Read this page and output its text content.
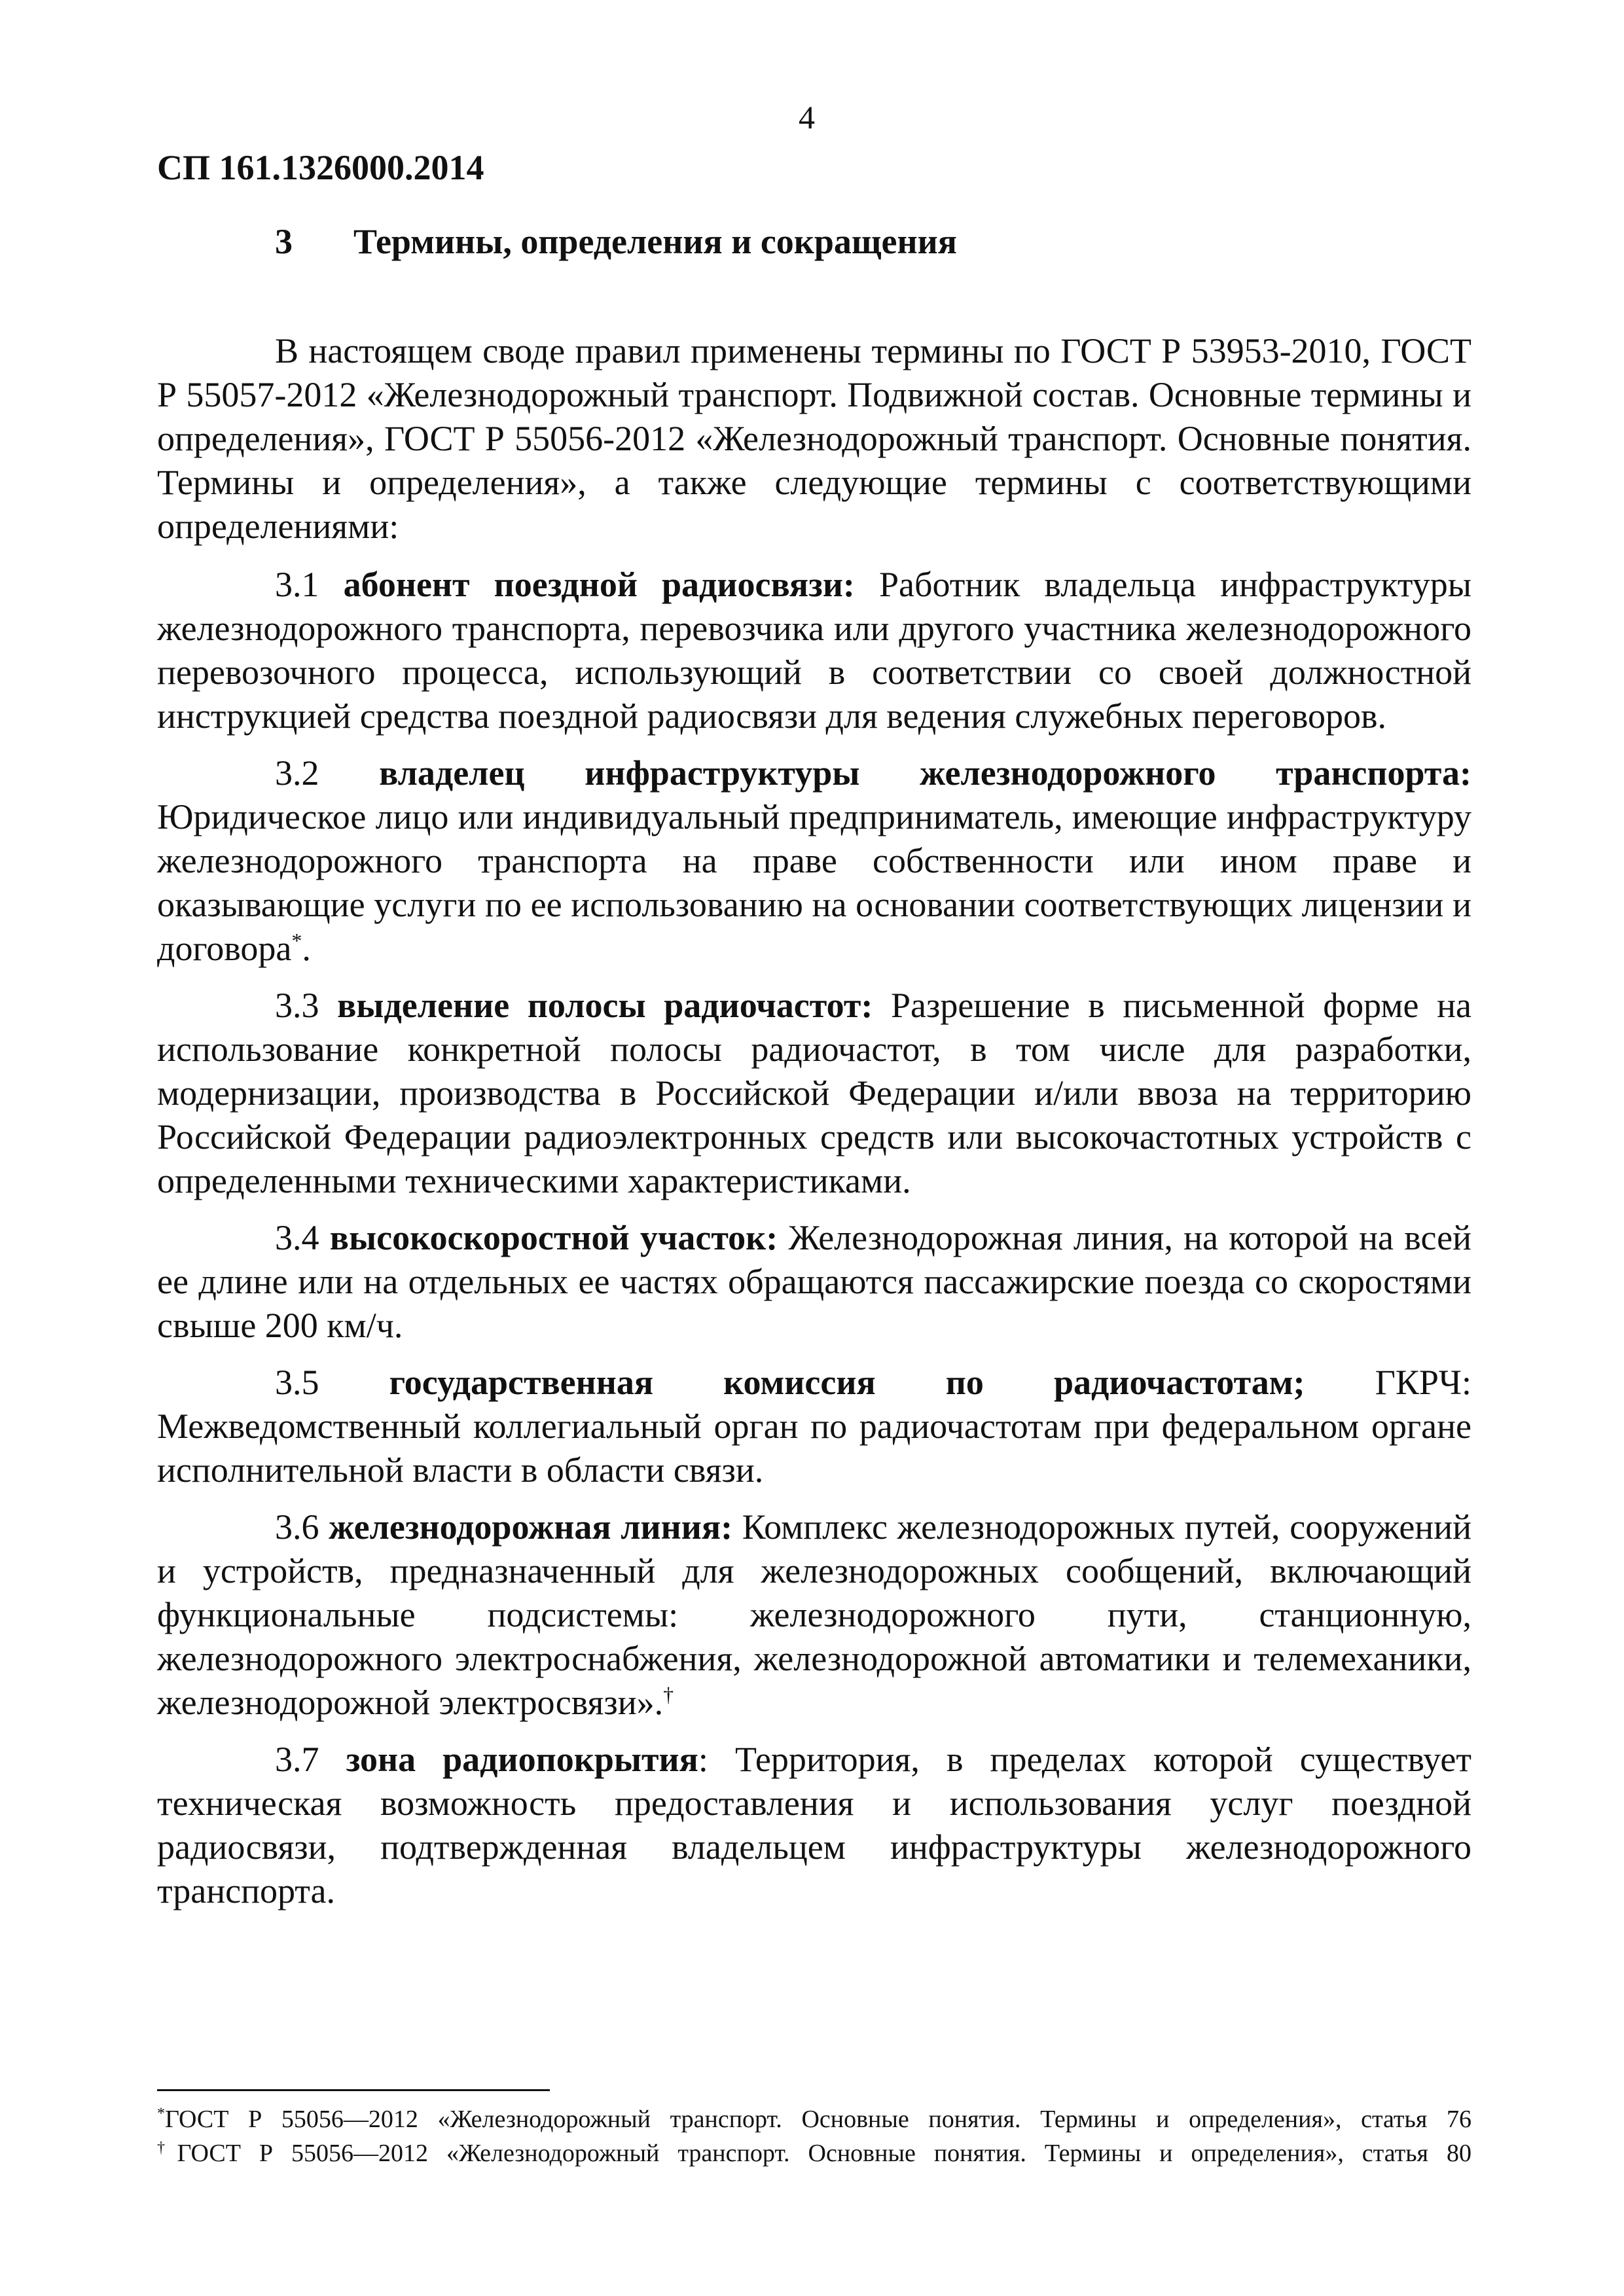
4
СП 161.1326000.2014
3 Термины, определения и сокращения

В настоящем своде правил применены термины по ГОСТ Р 53953-2010, ГОСТ Р 55057-2012 «Железнодорожный транспорт. Подвижной состав. Основные термины и определения», ГОСТ Р 55056-2012 «Железнодорожный транспорт. Основные понятия. Термины и определения», а также следующие термины с соответствующими определениями:

3.1 абонент поездной радиосвязи: Работник владельца инфраструктуры железнодорожного транспорта, перевозчика или другого участника железнодорожного перевозочного процесса, использующий в соответствии со своей должностной инструкцией средства поездной радиосвязи для ведения служебных переговоров.

3.2 владелец инфраструктуры железнодорожного транспорта: Юридическое лицо или индивидуальный предприниматель, имеющие инфраструктуру железнодорожного транспорта на праве собственности или ином праве и оказывающие услуги по ее использованию на основании соответствующих лицензии и договора*.

3.3 выделение полосы радиочастот: Разрешение в письменной форме на использование конкретной полосы радиочастот, в том числе для разработки, модернизации, производства в Российской Федерации и/или ввоза на территорию Российской Федерации радиоэлектронных средств или высокочастотных устройств с определенными техническими характеристиками.

3.4 высокоскоростной участок: Железнодорожная линия, на которой на всей ее длине или на отдельных ее частях обращаются пассажирские поезда со скоростями свыше 200 км/ч.

3.5 государственная комиссия по радиочастотам; ГКРЧ: Межведомственный коллегиальный орган по радиочастотам при федеральном органе исполнительной власти в области связи.

3.6 железнодорожная линия: Комплекс железнодорожных путей, сооружений и устройств, предназначенный для железнодорожных сообщений, включающий функциональные подсистемы: железнодорожного пути, станционную, железнодорожного электроснабжения, железнодорожной автоматики и телемеханики, железнодорожной электросвязи».†

3.7 зона радиопокрытия: Территория, в пределах которой существует техническая возможность предоставления и использования услуг поездной радиосвязи, подтвержденная владельцем инфраструктуры железнодорожного транспорта.

*ГОСТ Р 55056—2012 «Железнодорожный транспорт. Основные понятия. Термины и определения», статья 76
†ГОСТ Р 55056—2012 «Железнодорожный транспорт. Основные понятия. Термины и определения», статья 80
